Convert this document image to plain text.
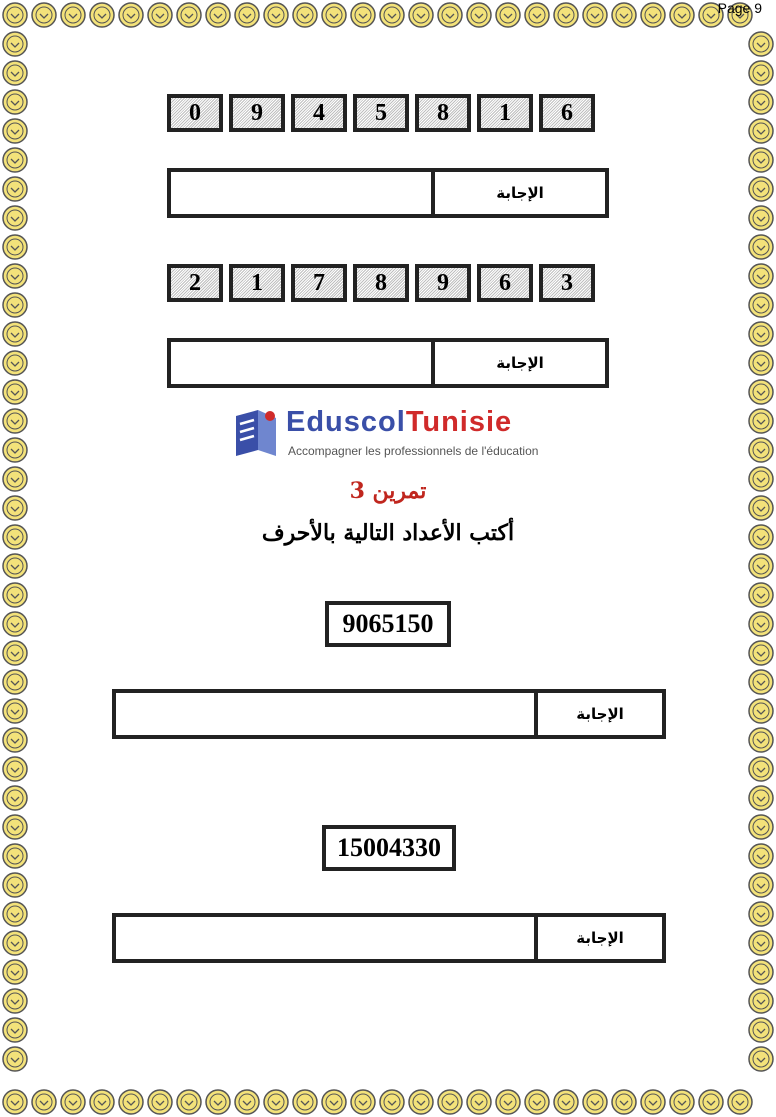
Page 9
0	9	4	5	8	1	6
الإجابة
2	1	7	8	9	6	3
الإجابة
EduscolTunisie
Accompagner les professionnels de l'éducation
تمرين 3
أكتب الأعداد التالية بالأحرف
9065150
الإجابة
15004330
الإجابة
